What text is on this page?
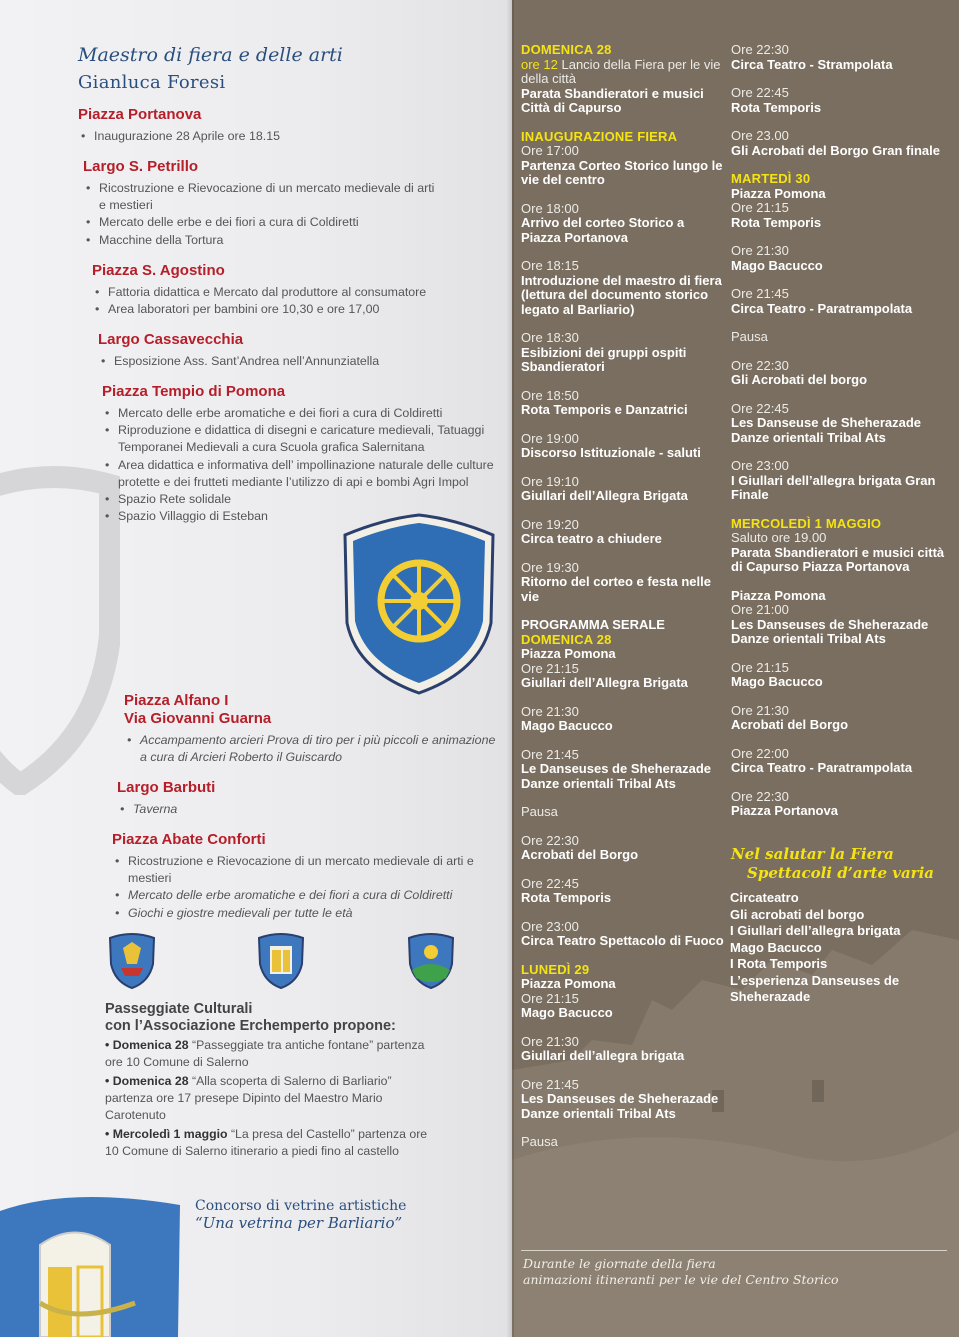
Maestro di fiera e delle arti
Gianluca Foresi
Piazza Portanova
• Inaugurazione 28 Aprile ore 18.15
Largo S. Petrillo
• Ricostruzione e Rievocazione di un mercato medievale di arti e mestieri
• Mercato delle erbe e dei fiori a cura di Coldiretti
• Macchine della Tortura
Piazza S. Agostino
• Fattoria didattica e Mercato dal produttore al consumatore
• Area laboratori per bambini ore 10,30 e ore 17,00
Largo Cassavecchia
• Esposizione Ass. Sant’Andrea nell’Annunziatella
Piazza Tempio di Pomona
• Mercato delle erbe aromatiche e dei fiori a cura di Coldiretti
• Riproduzione e didattica di disegni e caricature medievali, Tatuaggi Temporanei Medievali a cura Scuola grafica Salernitana
• Area didattica e informativa dell’ impollinazione naturale delle culture protette e dei frutteti mediante l’utilizzo di api e bombi Agri Impol
• Spazio Rete solidale
• Spazio Villaggio di Esteban
Piazza Alfano I
Via Giovanni Guarna
• Accampamento arcieri Prova di tiro per i più piccoli e animazione a cura di Arcieri Roberto il Guiscardo
Largo Barbuti
• Taverna
Piazza Abate Conforti
• Ricostruzione e Rievocazione di un mercato medievale di arti e mestieri
• Mercato delle erbe aromatiche e dei fiori a cura di Coldiretti
• Giochi e giostre medievali per tutte le età
Passeggiate Culturali
con l’Associazione Erchemperto propone:

• Domenica 28 “Passeggiate tra antiche fontane” partenza ore 10 Comune di Salerno

• Domenica 28 “Alla scoperta di Salerno di Barliario” partenza ore 17 presepe Dipinto del Maestro Mario Carotenuto

• Mercoledì 1 maggio “La presa del Castello” partenza ore 10 Comune di Salerno itinerario a piedi fino al castello

Concorso di vetrine artistiche
“Una vetrina per Barliario”
DOMENICA 28
ore 12 Lancio della Fiera per le vie della città
Parata Sbandieratori e musici Città di Capurso
INAUGURAZIONE FIERA
Ore 17:00
Partenza Corteo Storico lungo le vie del centro
Ore 18:00
Arrivo del corteo Storico a Piazza Portanova
Ore 18:15
Introduzione del maestro di fiera (lettura del documento storico legato al Barliario)
Ore 18:30
Esibizioni dei gruppi ospiti Sbandieratori
Ore 18:50
Rota Temporis e Danzatrici
Ore 19:00
Discorso Istituzionale - saluti
Ore 19:10
Giullari dell’Allegra Brigata
Ore 19:20
Circa teatro a chiudere
Ore 19:30
Ritorno del corteo e festa nelle vie
PROGRAMMA SERALE
DOMENICA 28
Piazza Pomona
Ore 21:15
Giullari dell’Allegra Brigata
Ore 21:30
Mago Bacucco
Ore 21:45
Le Danseuses de Sheherazade Danze orientali Tribal Ats
Pausa
Ore 22:30
Acrobati del Borgo
Ore 22:45
Rota Temporis
Ore 23:00
Circa Teatro Spettacolo di Fuoco
LUNEDÌ 29
Piazza Pomona
Ore 21:15
Mago Bacucco
Ore 21:30
Giullari dell’allegra brigata
Ore 21:45
Les Danseuses de Sheherazade Danze orientali Tribal Ats
Pausa
Ore 22:30
Circa Teatro - Strampolata
Ore 22:45
Rota Temporis
Ore 23.00
Gli Acrobati del Borgo Gran finale
MARTEDÌ 30
Piazza Pomona
Ore 21:15
Rota Temporis
Ore 21:30
Mago Bacucco
Ore 21:45
Circa Teatro - Paratrampolata
Pausa
Ore 22:30
Gli Acrobati del borgo
Ore 22:45
Les Danseuse de Sheherazade Danze orientali Tribal Ats
Ore 23:00
I Giullari dell’allegra brigata Gran Finale
MERCOLEDÌ 1 MAGGIO
Saluto ore 19.00
Parata Sbandieratori e musici città di Capurso Piazza Portanova
Piazza Pomona
Ore 21:00
Les Danseuses de Sheherazade Danze orientali Tribal Ats
Ore 21:15
Mago Bacucco
Ore 21:30
Acrobati del Borgo
Ore 22:00
Circa Teatro - Paratrampolata
Ore 22:30
Piazza Portanova
Nel salutar la Fiera
Spettacoli d’arte varia
Circateatro
Gli acrobati del borgo
I Giullari dell’allegra brigata
Mago Bacucco
I Rota Temporis
L’esperienza Danseuses de Sheherazade
Durante le giornate della fiera
animazioni itineranti per le vie del Centro Storico
